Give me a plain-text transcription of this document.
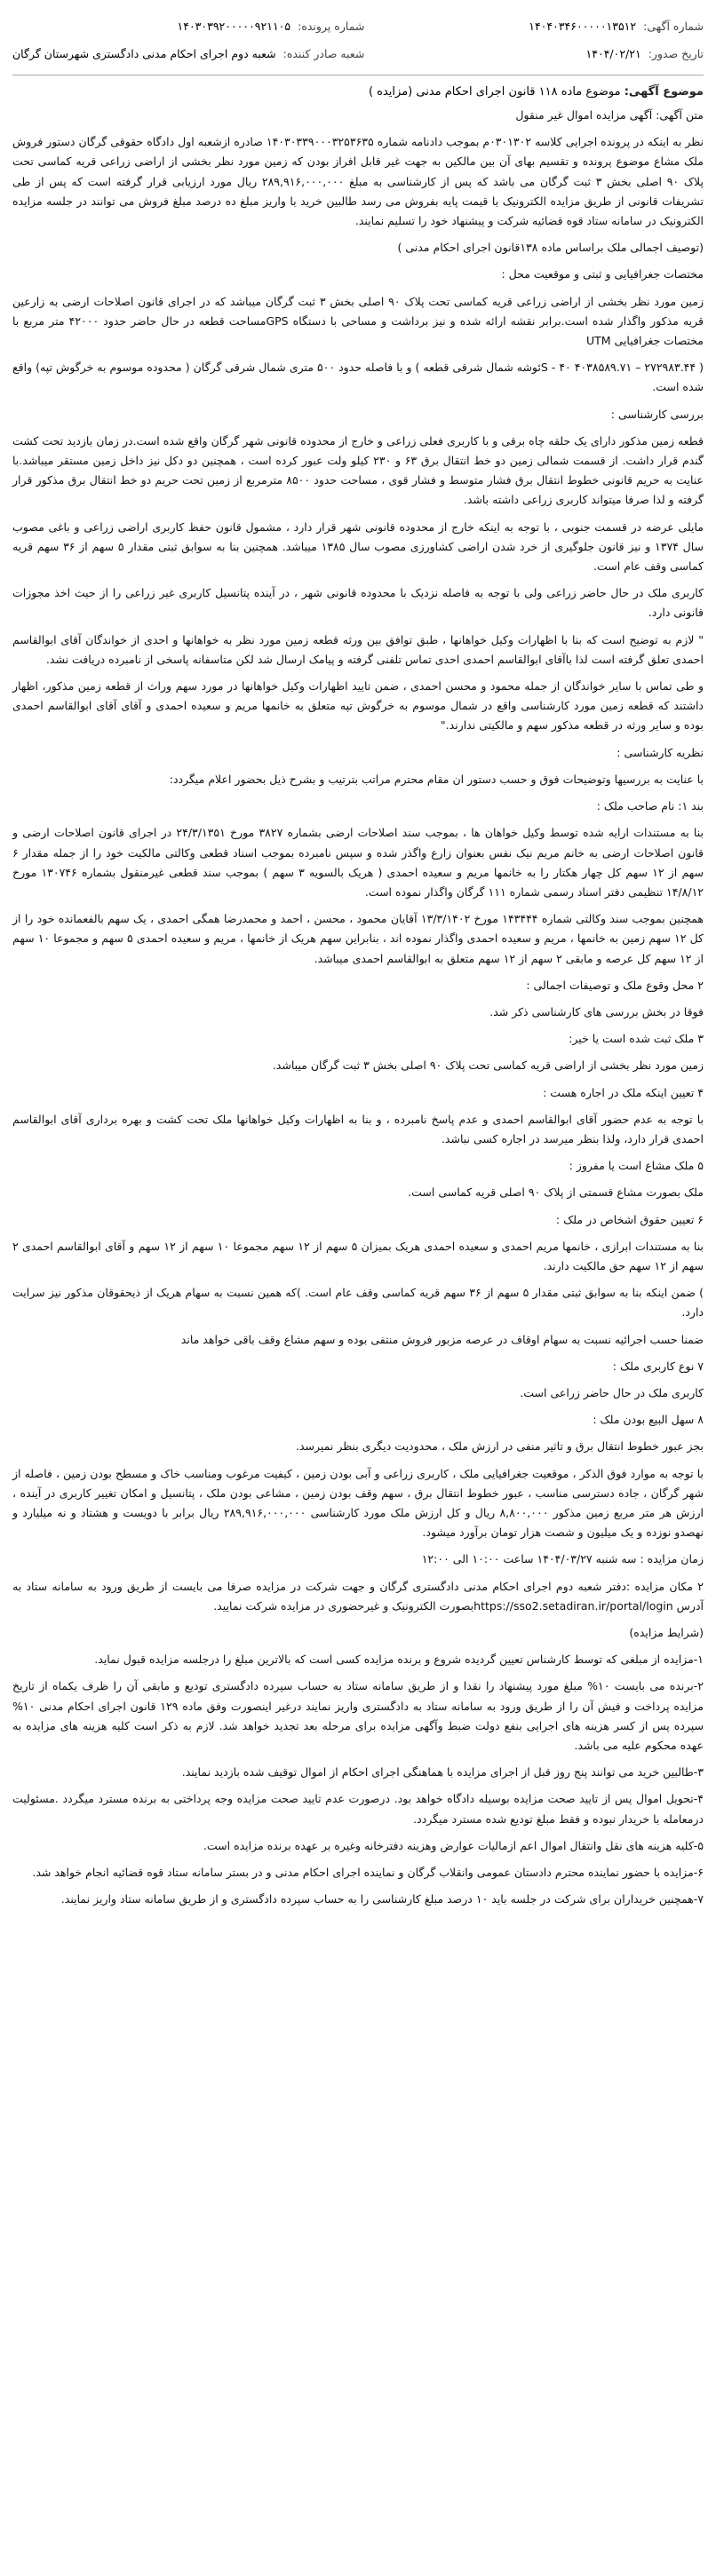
شماره آگهی:
۱۴۰۴۰۳۴۶۰۰۰۰۰۱۳۵۱۲
تاریخ صدور:
۱۴۰۴/۰۲/۲۱
شماره پرونده:
۱۴۰۳۰۳۹۲۰۰۰۰۰۹۲۱۱۰۵
شعبه صادر کننده:
شعبه دوم اجرای احکام مدنی دادگستری شهرستان گرگان
موضوع آگهی: موضوع ماده ۱۱۸ قانون اجرای احکام مدنی (مزایده )

متن آگهی: آگهی مزایده اموال غیر منقول

نظر به اینکه در پرونده اجرایی کلاسه ۰۳۰۱۳۰۲م بموجب دادنامه شماره ۱۴۰۳۰۳۳۹۰۰۰۳۲۵۳۶۳۵ صادره ازشعبه اول دادگاه حقوقی گرگان دستور فروش ملک مشاع موضوع پرونده و تقسیم بهای آن بین مالکین به جهت غیر قابل افراز بودن که زمین مورد نظر بخشی از اراضی زراعی قریه کماسی تحت پلاک ۹۰ اصلی بخش ۳ ثبت گرگان می باشد که پس از کارشناسی به مبلغ ۲۸۹,۹۱۶,۰۰۰,۰۰۰ ریال مورد ارزیابی قرار گرفته است که پس از طی تشریفات قانونی از طریق مزایده الکترونیک با قیمت پایه بفروش می رسد طالبین خرید با واریز مبلغ ده درصد مبلغ فروش می توانند در جلسه مزایده الکترونیک در سامانه ستاد قوه قضائیه شرکت و پیشنهاد خود را تسلیم نمایند.

(توصیف اجمالی ملک براساس ماده ۱۳۸قانون اجرای احکام مدنی )

مختصات جغرافیایی و ثبتی و موقعیت محل :

زمین مورد نظر بخشی از اراضی زراعی قریه کماسی تحت پلاک ۹۰ اصلی بخش ۳ ثبت گرگان میباشد که در اجرای قانون اصلاحات ارضی به زارعین قریه مذکور واگذار شده است.برابر نقشه ارائه شده و نیز برداشت و مساحی با دستگاه GPSمساحت قطعه در حال حاضر حدود ۴۲۰۰۰ متر مربع با مختصات جغرافیایی UTM

( S - ۴۰ ۴۰۳۸۵۸۹.۷۱ – ۲۷۲۹۸۳.۴۴ئوشه شمال شرقی قطعه ) و با فاصله حدود ۵۰۰ متری شمال شرقی گرگان ( محدوده موسوم به خرگوش تپه) واقع شده است.

بررسی کارشناسی :

قطعه زمین مذکور دارای یک حلقه چاه برقی و با کاربری فعلی زراعی و خارج از محدوده قانونی شهر گرگان واقع شده است.در زمان بازدید تحت کشت گندم قرار داشت. از قسمت شمالی زمین دو خط انتقال برق ۶۳ و ۲۳۰ کیلو ولت عبور کرده است ، همچنین دو دکل نیز داخل زمین مستقر میباشد.با عنایت به حریم قانونی خطوط انتقال برق فشار متوسط و فشار قوی ، مساحت حدود ۸۵۰۰ مترمربع از زمین تحت حریم دو خط انتقال برق مذکور قرار گرفته و لذا صرفا میتواند کاربری زراعی داشته باشد.

مایلی عرضه در قسمت جنوبی ، با توجه به اینکه خارج از محدوده قانونی شهر قرار دارد ، مشمول قانون حفظ کاربری اراضی زراعی و باغی مصوب سال ۱۳۷۴ و نیز قانون جلوگیری از خرد شدن اراضی کشاورزی مصوب سال ۱۳۸۵ میباشد. همچنین بنا به سوابق ثبتی مقدار ۵ سهم از ۳۶ سهم قریه کماسی وقف عام است.

کاربری ملک در حال حاضر زراعی ولی با توجه به فاصله نزدیک با محدوده قانونی شهر ، در آینده پتانسیل کاربری غیر زراعی را از حیث اخذ مجوزات قانونی دارد.

" لازم به توضیح است که بنا با اظهارات وکیل خواهانها ، طبق توافق بین ورثه قطعه زمین مورد نظر به خواهانها و احدی از خواندگان آقای ابوالقاسم احمدی تعلق گرفته است لذا باآقای ابوالقاسم احمدی احدی تماس تلفنی گرفته و پیامک ارسال شد لکن متاسفانه پاسخی از نامبرده دریافت نشد.

و طی تماس با سایر خواندگان از جمله محمود و محسن احمدی ، ضمن تایید اظهارات وکیل خواهانها در مورد سهم وراث از قطعه زمین مذکور، اظهار داشتند که قطعه زمین مورد کارشناسی واقع در شمال موسوم به خرگوش تپه متعلق به خانمها مریم و سعیده احمدی و آقای آقای ابوالقاسم احمدی بوده و سایر ورثه در قطعه مذکور سهم و مالکیتی ندارند."

نظریه کارشناسی :

با عنایت به بررسیها وتوضیحات فوق و حسب دستور ان مقام محترم مراتب بترتیب و بشرح ذیل بحضور اعلام میگردد:

بند ۱: نام صاحب ملک :

بنا به مستندات ارایه شده توسط وکیل خواهان ها ، بموجب سند اصلاحات ارضی بشماره ۳۸۲۷ مورخ ۲۴/۳/۱۳۵۱ در اجرای قانون اصلاحات ارضی و قانون اصلاحات ارضی به خانم مریم نیک نفس بعنوان زارع واگذر شده و سپس نامبرده بموجب اسناد قطعی وکالتی مالکیت خود را از جمله مقدار ۶ سهم از ۱۲ سهم کل چهار هکتار را به خانمها مریم و سعیده احمدی ( هریک بالسویه ۳ سهم ) بموجب سند قطعی غیرمنقول بشماره ۱۳۰۷۴۶ مورخ ۱۴/۸/۱۲ تنظیمی دفتر اسناد رسمی شماره ۱۱۱ گرگان واگذار نموده است.

همچنین بموجب سند وکالتی شماره ۱۴۳۴۴۴ مورخ ۱۳/۳/۱۴۰۲ آقایان محمود ، محسن ، احمد و محمدرضا همگی احمدی ، یک سهم بالفعمانده خود را از کل ۱۲ سهم زمین به خانمها ، مریم و سعیده احمدی واگذار نموده اند ، بنابراین سهم هریک از خانمها ، مریم و سعیده احمدی ۵ سهم و مجموعا ۱۰ سهم از ۱۲ سهم کل عرصه و مابقی ۲ سهم از ۱۲ سهم متعلق به ابوالقاسم احمدی میباشد.

۲ محل وقوع ملک و توصیفات اجمالی :

فوقا در بخش بررسی های کارشناسی ذکر شد.

۳ ملک ثبت شده است یا خیر:

زمین مورد نظر بخشی از اراضی قریه کماسی تحت پلاک ۹۰ اصلی بخش ۳ ثبت گرگان میباشد.

۴ تعیین اینکه ملک در اجاره هست :

با توجه به عدم حضور آقای ابوالقاسم احمدی و عدم پاسخ نامبرده ، و بنا به اظهارات وکیل خواهانها ملک تحت کشت و بهره برداری آقای ابوالقاسم احمدی قرار دارد، ولذا بنظر میرسد در اجاره کسی نباشد.

۵ ملک مشاع است یا مفروز :

ملک بصورت مشاع قسمتی از پلاک ۹۰ اصلی قریه کماسی است.

۶ تعیین حقوق اشخاص در ملک :

بنا به مستندات ابرازی ، خانمها مریم احمدی و سعیده احمدی هریک بمیزان ۵ سهم از ۱۲ سهم مجموعا ۱۰ سهم از ۱۲ سهم و آقای ابوالقاسم احمدی ۲ سهم از ۱۲ سهم حق مالکیت دارند.

) ضمن اینکه بنا به سوابق ثبتی مقدار ۵ سهم از ۳۶ سهم قریه کماسی وقف عام است. )که همین نسبت به سهام هریک از ذیحقوقان مذکور نیز سرایت دارد.

ضمنا حسب اجرائیه نسبت به سهام اوقاف در عرصه مزبور فروش منتفی بوده و سهم مشاع وقف باقی خواهد ماند

۷ نوع کاربری ملک :

کاربری ملک در حال حاضر زراعی است.

۸ سهل البیع بودن ملک :

بجز عبور خطوط انتقال برق و تاثیر منفی در ارزش ملک ، محدودیت دیگری بنظر نمیرسد.

با توجه به موارد فوق الذکر ، موقعیت جغرافیایی ملک ، کاربری زراعی و آبی بودن زمین ، کیفیت مرغوب ومناسب خاک و مسطح بودن زمین ، فاصله از شهر گرگان ، جاده دسترسی مناسب ، عبور خطوط انتقال برق ، سهم وقف بودن زمین ، مشاعی بودن ملک ، پتانسیل و امکان تغییر کاربری در آینده ، ارزش هر متر مربع زمین مذکور ۸,۸۰۰,۰۰۰ ریال و کل ارزش ملک مورد کارشناسی ۲۸۹,۹۱۶,۰۰۰,۰۰۰ ریال برابر با دویست و هشتاد و نه میلیارد و نهصدو نوزده و یک میلیون و شصت هزار تومان برآورد میشود.

زمان مزایده : سه شنبه ۱۴۰۴/۰۳/۲۷ ساعت ۱۰:۰۰ الی ۱۲:۰۰

۲ مکان مزایده :دفتر شعبه دوم اجرای احکام مدنی دادگستری گرگان و جهت شرکت در مزایده صرفا می بایست از طریق ورود به سامانه ستاد به آدرس https://sso2.setadiran.ir/portal/loginبصورت الکترونیک و غیرحضوری در مزایده شرکت نمایید.

(شرایط مزایده)

۱-مزایده از مبلغی که توسط کارشناس تعیین گردیده شروع و برنده مزایده کسی است که بالاترین مبلغ را درجلسه مزایده قبول نماید.

۲-برنده می بایست ۱۰% مبلغ مورد پیشنهاد را نقدا و از طریق سامانه ستاد به حساب سپرده دادگستری تودیع و مابقی آن را ظرف یکماه از تاریخ مزایده پرداخت و فیش آن را از طریق ورود به سامانه ستاد به دادگستری واریز نمایند درغیر اینصورت وفق ماده ۱۲۹ قانون اجرای احکام مدنی ۱۰% سپرده پس از کسر هزینه های اجرایی بنفع دولت ضبط وآگهی مزایده برای مرحله بعد تجدید خواهد شد. لازم به ذکر است کلیه هزینه های مزایده به عهده محکوم علیه می باشد.

۳-طالبین خرید می توانند پنج روز قبل از اجرای مزایده با هماهنگی اجرای احکام از اموال توقیف شده بازدید نمایند.

۴-تحویل اموال پس از تایید صحت مزایده بوسیله دادگاه خواهد بود. درصورت عدم تایید صحت مزایده وجه پرداختی به برنده مسترد میگردد .مسئولیت درمعامله با خریدار نبوده و فقط مبلغ تودیع شده مسترد میگردد.

۵-کلیه هزینه های نقل وانتقال اموال اعم ازمالیات عوارض وهزینه دفترخانه وغیره بر عهده برنده مزایده است.

۶-مزایده با حضور نماینده محترم دادستان عمومی وانقلاب گرگان و نماینده اجرای احکام مدنی و در بستر سامانه ستاد قوه قضائیه انجام خواهد شد.

۷-همچنین خریداران برای شرکت در جلسه باید ۱۰ درصد مبلغ کارشناسی را به حساب سپرده دادگستری و از طریق سامانه ستاد واریز نمایند.
